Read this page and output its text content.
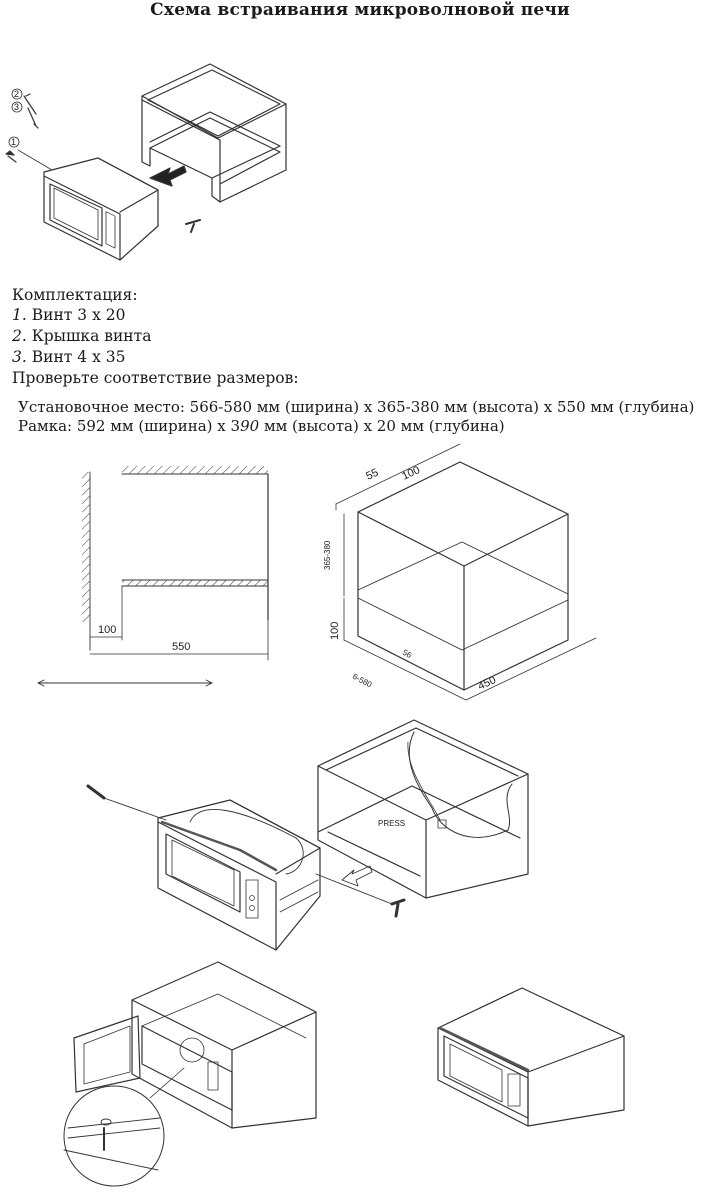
Схема встраивания микроволновой печи
2
3
1
100
550
55 100
365-380
100
56
450
6-580
PRESS
Комплектация:
1. Винт 3 х 20
2. Крышка винта
3. Винт 4 х 35
Проверьте соответствие размеров:
Установочное место: 566-580 мм (ширина) х 365-380 мм (высота) х 550 мм (глубина)
Рамка: 592 мм (ширина) х 390 мм (высота) х 20 мм (глубина)
